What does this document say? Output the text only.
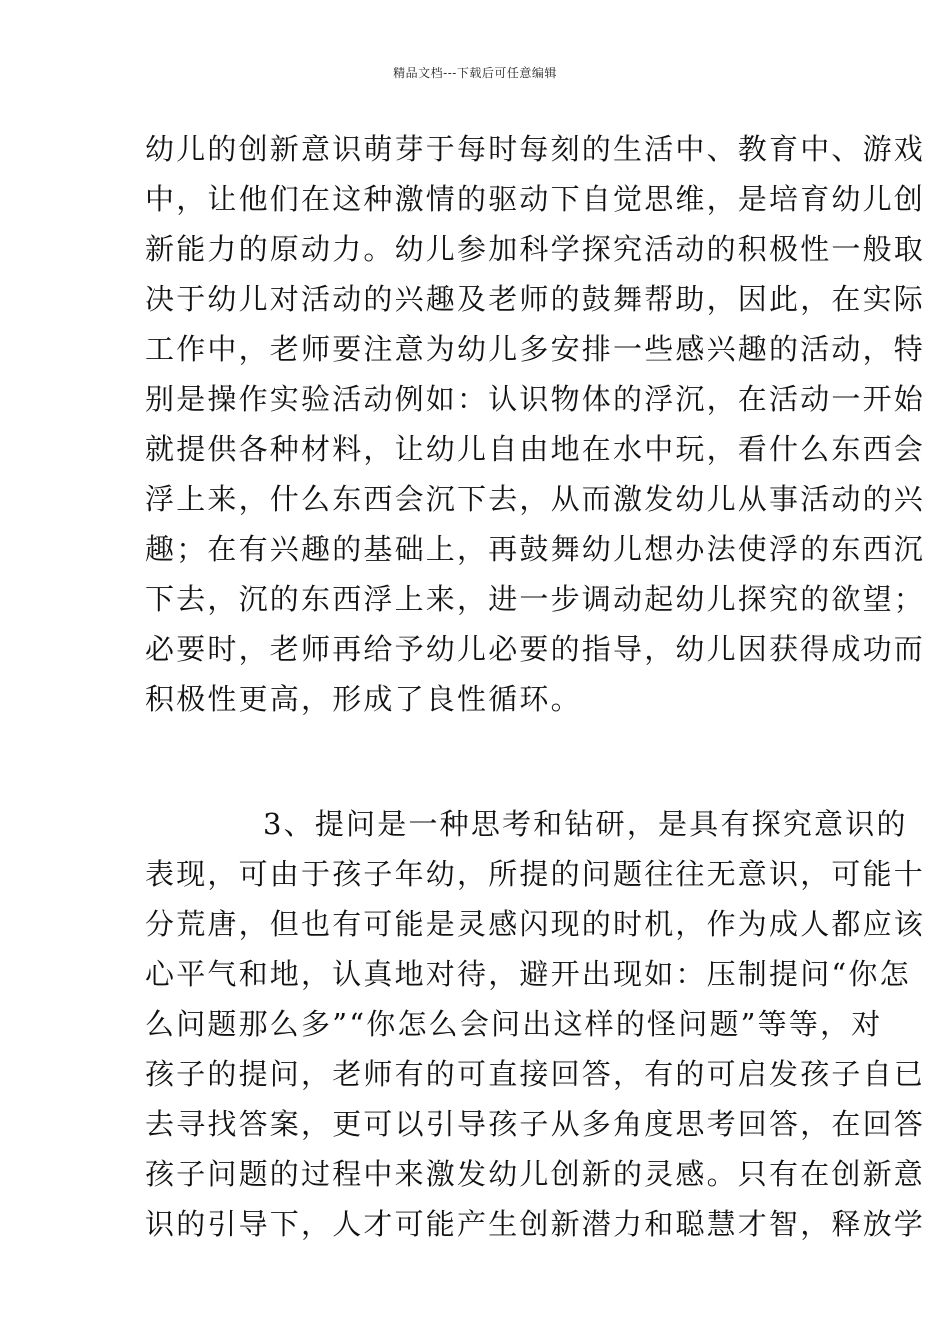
精品文档---下载后可任意编辑
幼儿的创新意识萌芽于每时每刻的生活中、教育中、游戏
中，让他们在这种激情的驱动下自觉思维，是培育幼儿创
新能力的原动力。幼儿参加科学探究活动的积极性一般取
决于幼儿对活动的兴趣及老师的鼓舞帮助，因此，在实际
工作中，老师要注意为幼儿多安排一些感兴趣的活动，特
别是操作实验活动例如：认识物体的浮沉，在活动一开始
就提供各种材料，让幼儿自由地在水中玩，看什么东西会
浮上来，什么东西会沉下去，从而激发幼儿从事活动的兴
趣；在有兴趣的基础上，再鼓舞幼儿想办法使浮的东西沉
下去，沉的东西浮上来，进一步调动起幼儿探究的欲望；
必要时，老师再给予幼儿必要的指导，幼儿因获得成功而
积极性更高，形成了良性循环。
3、提问是一种思考和钻研，是具有探究意识的
表现，可由于孩子年幼，所提的问题往往无意识，可能十
分荒唐，但也有可能是灵感闪现的时机，作为成人都应该
心平气和地，认真地对待，避开出现如：压制提问“你怎
么问题那么多”“你怎么会问出这样的怪问题”等等，对
孩子的提问，老师有的可直接回答，有的可启发孩子自已
去寻找答案，更可以引导孩子从多角度思考回答，在回答
孩子问题的过程中来激发幼儿创新的灵感。只有在创新意
识的引导下，人才可能产生创新潜力和聪慧才智，释放学
